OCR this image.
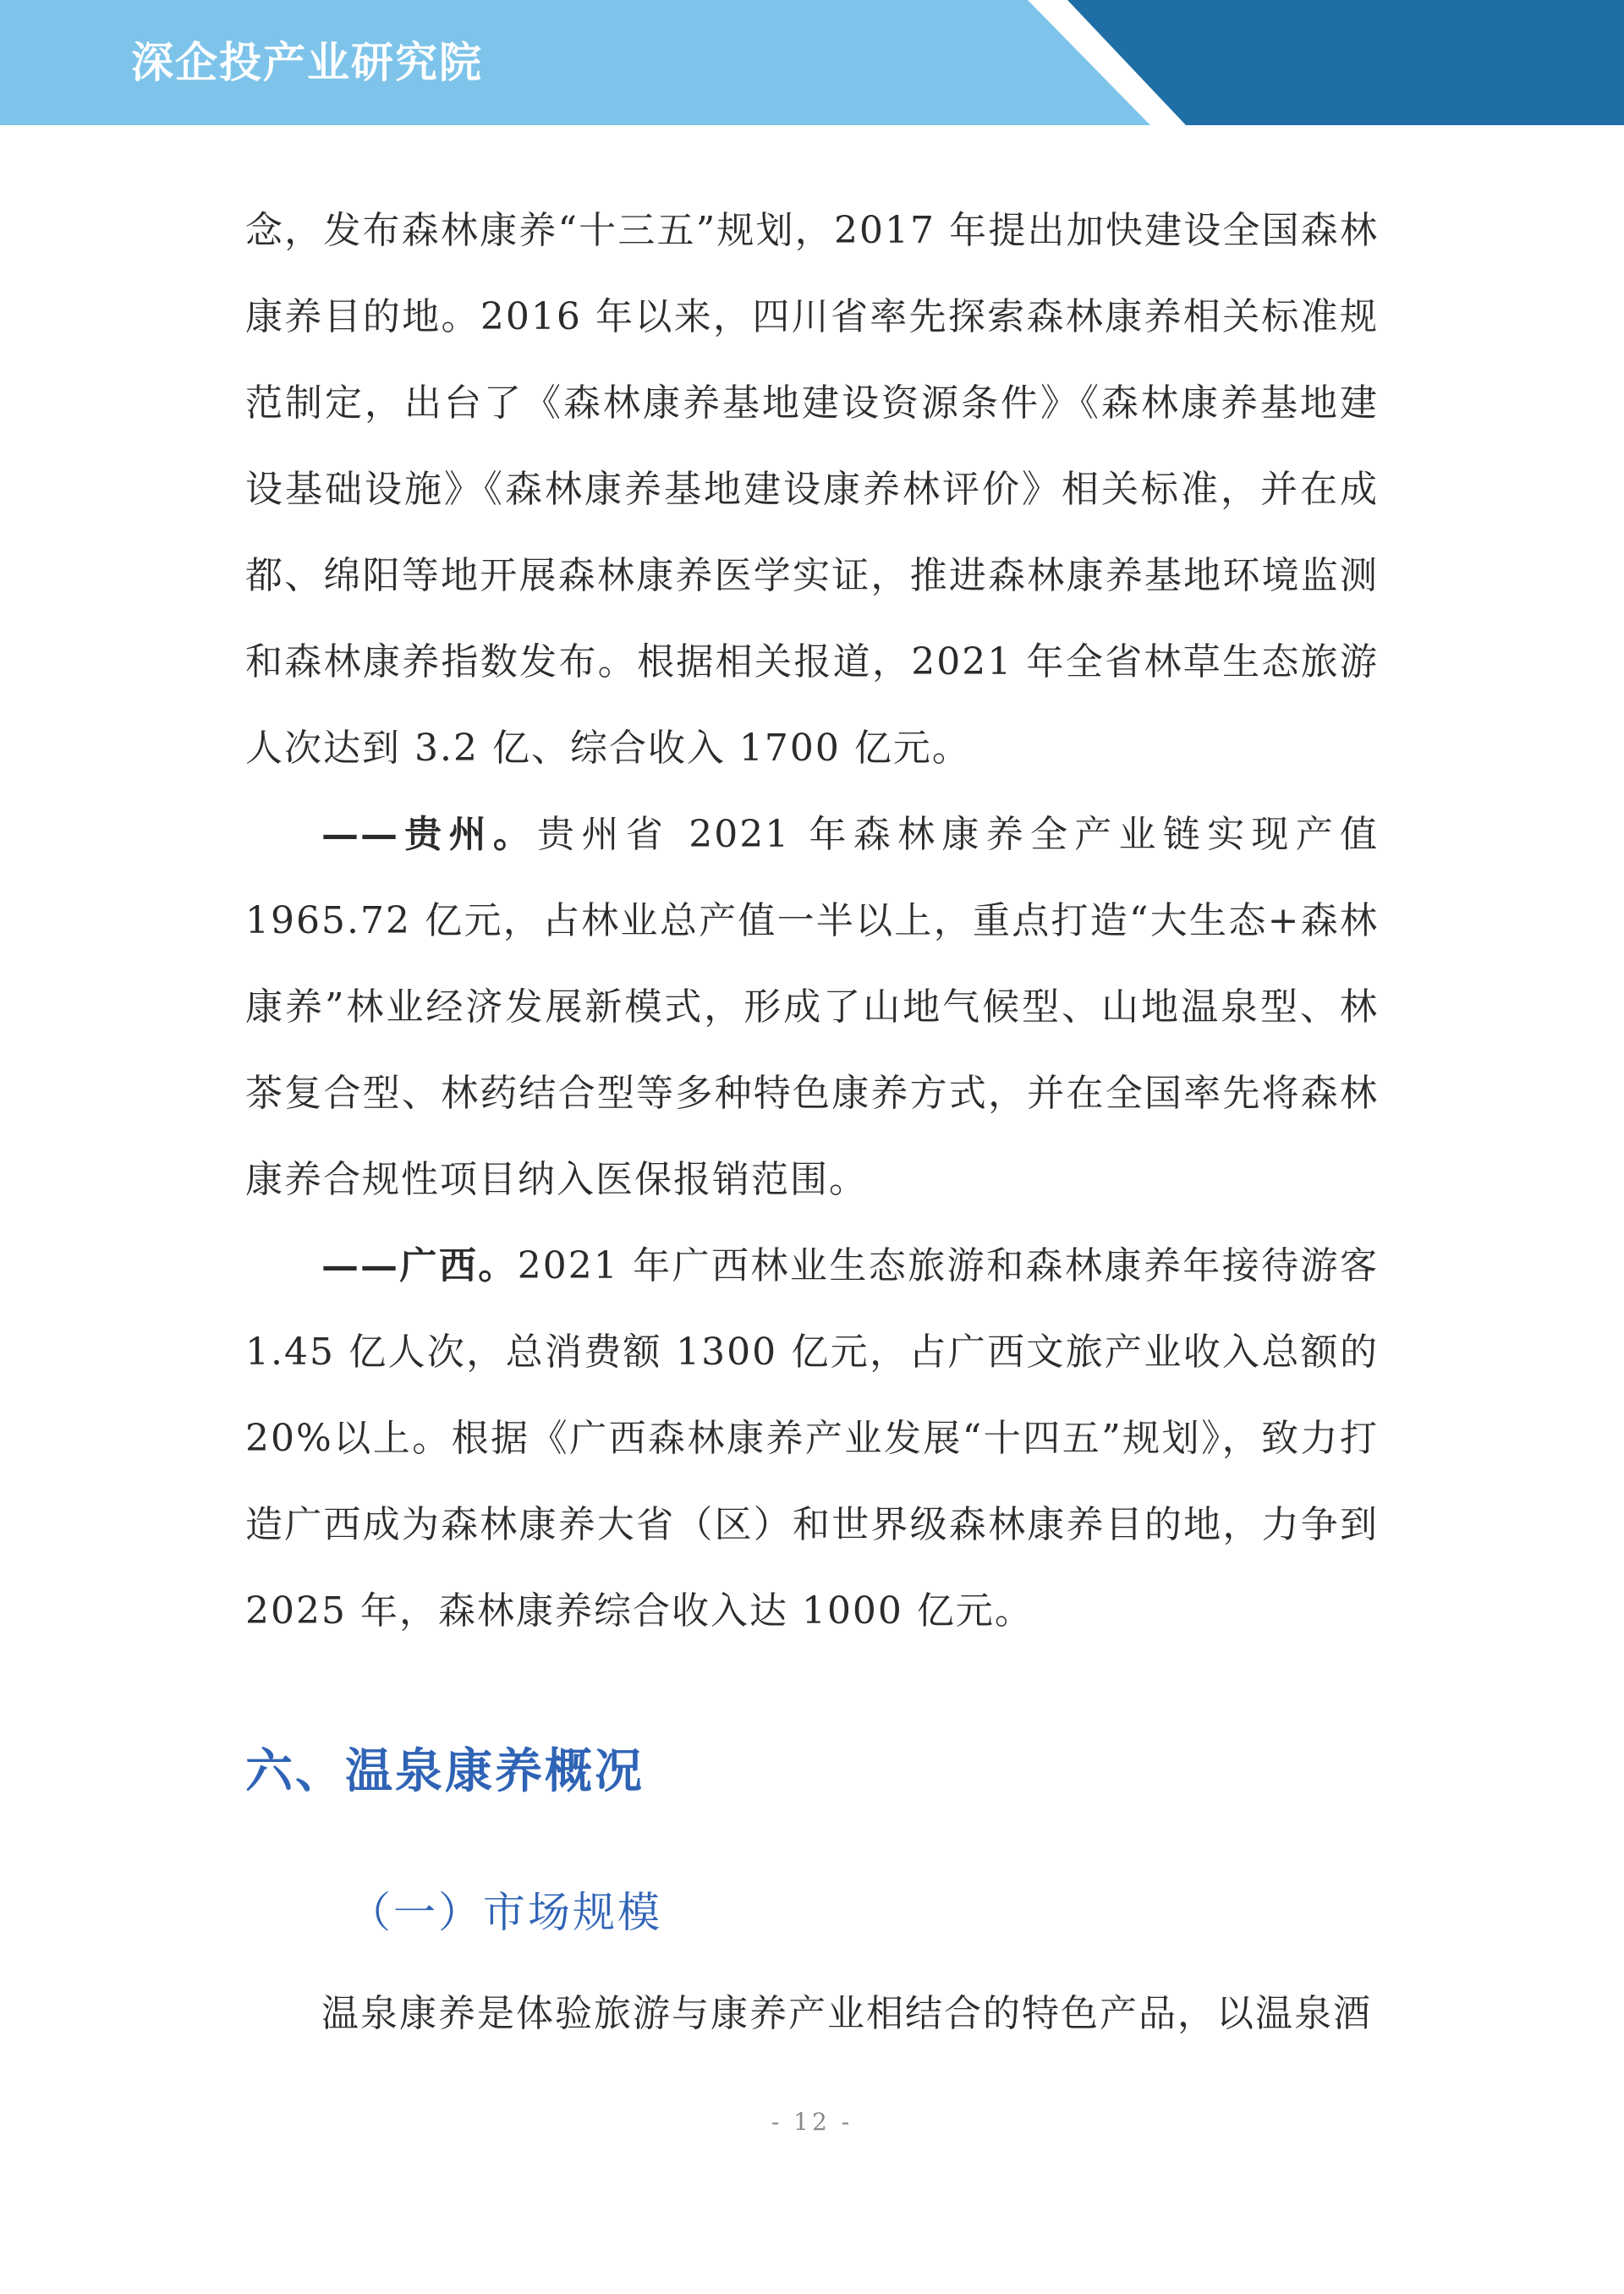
深企投产业研究院

念，发布森林康养“十三五”规划，2017 年提出加快建设全国森林康养目的地。2016 年以来，四川省率先探索森林康养相关标准规范制定，出台了《森林康养基地建设资源条件》《森林康养基地建设基础设施》《森林康养基地建设康养林评价》相关标准，并在成都、绵阳等地开展森林康养医学实证，推进森林康养基地环境监测和森林康养指数发布。根据相关报道，2021 年全省林草生态旅游人次达到 3.2 亿、综合收入 1700 亿元。

——贵州。贵州省 2021 年森林康养全产业链实现产值 1965.72 亿元，占林业总产值一半以上，重点打造“大生态+森林康养”林业经济发展新模式，形成了山地气候型、山地温泉型、林茶复合型、林药结合型等多种特色康养方式，并在全国率先将森林康养合规性项目纳入医保报销范围。

——广西。2021 年广西林业生态旅游和森林康养年接待游客 1.45 亿人次，总消费额 1300 亿元，占广西文旅产业收入总额的 20%以上。根据《广西森林康养产业发展“十四五”规划》，致力打造广西成为森林康养大省（区）和世界级森林康养目的地，力争到 2025 年，森林康养综合收入达 1000 亿元。

六、温泉康养概况
（一）市场规模

温泉康养是体验旅游与康养产业相结合的特色产品，以温泉酒

- 12 -
